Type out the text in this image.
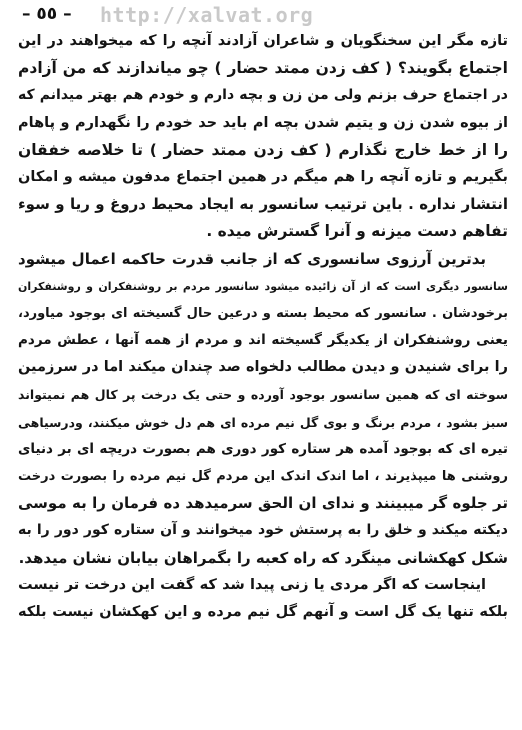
– ٥٥ – http://xalvat.org
تازه مگر این سخنگویان و شاعران آزادند آنچه را که میخواهند در این
اجتماع بگویند؟ ( کف زدن ممتد حضار ) چو میاندازند که من آزادم
در اجتماع حرف بزنم ولی من زن و بچه دارم و خودم هم بهتر میدانم که
از بیوه شدن زن و یتیم شدن بچه ام باید حد خودم را نگهدارم و پاهام
را از خط خارج نگذارم ( کف زدن ممتد حضار ) تا خلاصه خفقان
بگیریم و تازه آنچه را هم میگم در همین اجتماع مدفون میشه و امکان
انتشار نداره . باین ترتیب سانسور به ایجاد محیط دروغ و ریا و سوء
تفاهم دست میزنه و آنرا گسترش میده .
بدترین آرزوی سانسوری که از جانب قدرت حاکمه اعمال میشود
سانسور دیگری است که از آن زائیده میشود سانسور مردم بر روشنفکران و روشنفکران
برخودشان . سانسور که محیط بسته و درعین حال گسیخته ای بوجود میاورد،
یعنی روشنفکران از یکدیگر گسیخته اند و مردم از همه آنها ، عطش مردم
را برای شنیدن و دیدن مطالب دلخواه صد چندان میکند اما در سرزمین
سوخته ای که همین سانسور بوجود آورده و حتی یک درخت پر کال هم نمیتواند
سبز بشود ، مردم برنگ و بوی گل نیم مرده ای هم دل خوش میکنند، ودرسیاهی
تیره ای که بوجود آمده هر ستاره کور دوری هم بصورت دریچه ای بر دنیای
روشنی ها میپذیرند ، اما اندک اندک این مردم گل نیم مرده را بصورت درخت
تر جلوه گر میبینند و ندای ان الحق سرمیدهد ده فرمان را به موسی
دیکته میکند و خلق را به پرستش خود میخوانند و آن ستاره کور دور را به
شکل کهکشانی مینگرد که راه کعبه را بگمراهان بیابان نشان میدهد.
اینجاست که اگر مردی یا زنی پیدا شد که گفت این درخت تر نیست
بلکه تنها یک گل است و آنهم گل نیم مرده و این کهکشان نیست بلکه
